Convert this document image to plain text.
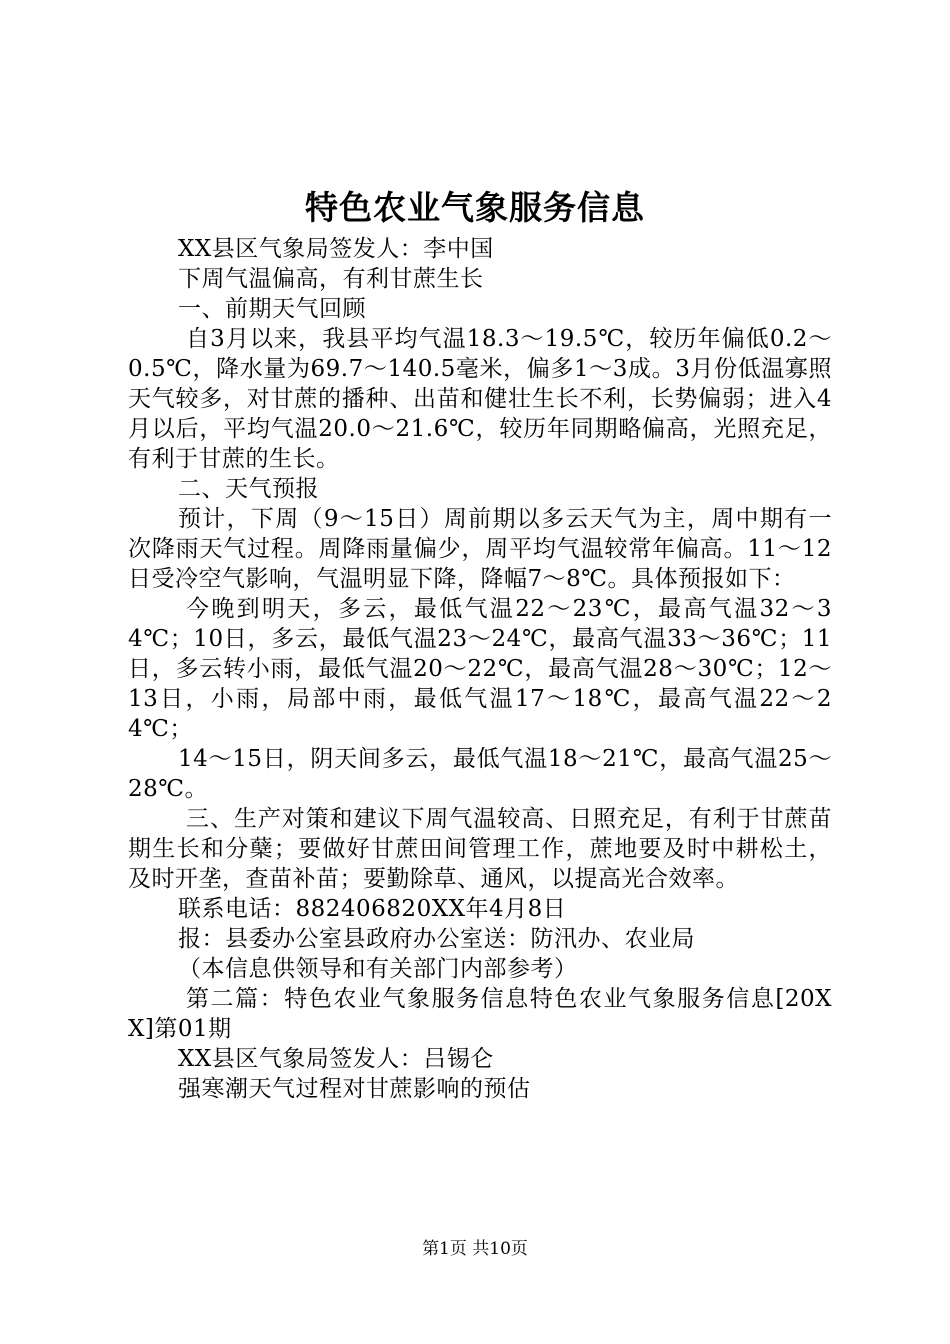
特色农业气象服务信息

XX县区气象局签发人：李中国

下周气温偏高，有利甘蔗生长

一、前期天气回顾

自3月以来，我县平均气温18.3～19.5℃，较历年偏低0.2～0.5℃，降水量为69.7～140.5毫米，偏多1～3成。3月份低温寡照天气较多，对甘蔗的播种、出苗和健壮生长不利，长势偏弱；进入4月以后，平均气温20.0～21.6℃，较历年同期略偏高，光照充足，有利于甘蔗的生长。

二、天气预报

预计，下周（9～15日）周前期以多云天气为主，周中期有一次降雨天气过程。周降雨量偏少，周平均气温较常年偏高。11～12日受冷空气影响，气温明显下降，降幅7～8℃。具体预报如下：

今晚到明天，多云，最低气温22～23℃，最高气温32～34℃；10日，多云，最低气温23～24℃，最高气温33～36℃；11日，多云转小雨，最低气温20～22℃，最高气温28～30℃；12～13日，小雨，局部中雨，最低气温17～18℃，最高气温22～24℃；

14～15日，阴天间多云，最低气温18～21℃，最高气温25～28℃。

三、生产对策和建议下周气温较高、日照充足，有利于甘蔗苗期生长和分蘖；要做好甘蔗田间管理工作，蔗地要及时中耕松土，及时开垄，查苗补苗；要勤除草、通风，以提高光合效率。

联系电话：882406820XX年4月8日

报：县委办公室县政府办公室送：防汛办、农业局

（本信息供领导和有关部门内部参考）

第二篇：特色农业气象服务信息特色农业气象服务信息[20XX]第01期

XX县区气象局签发人：吕锡仑

强寒潮天气过程对甘蔗影响的预估

第1页 共10页
